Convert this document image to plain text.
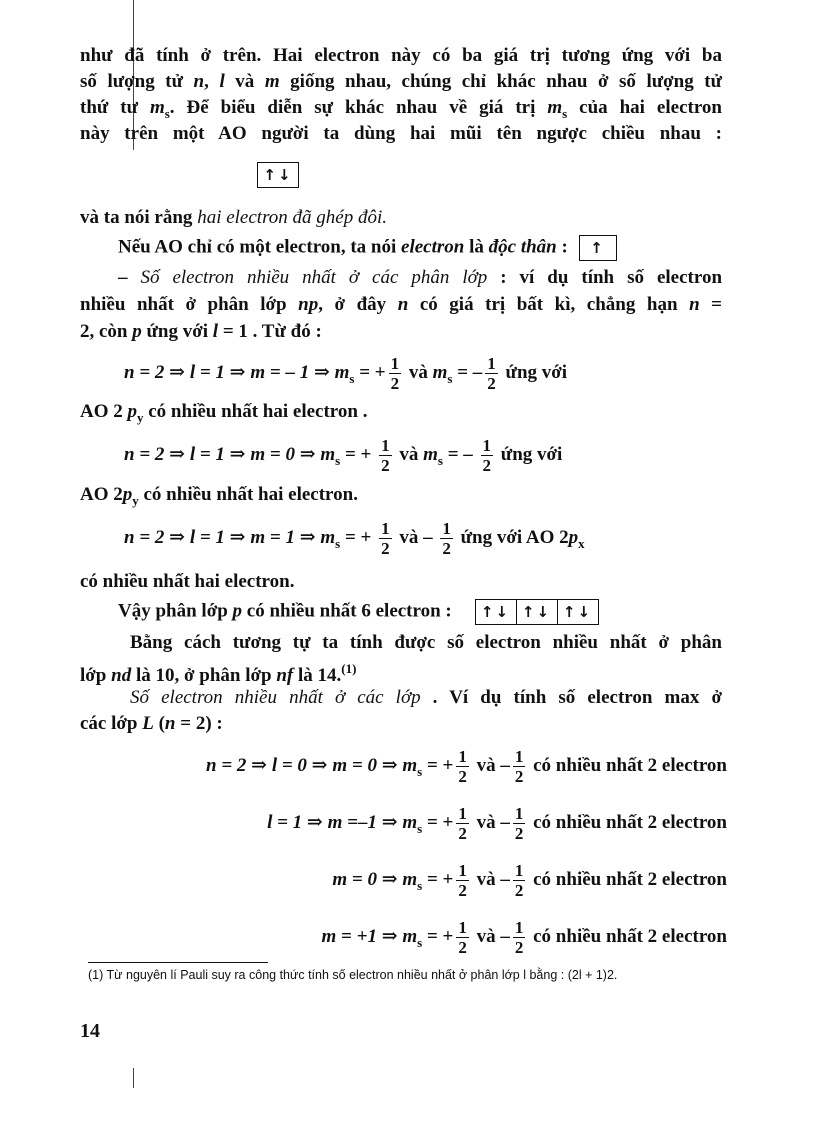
như đã tính ở trên. Hai electron này có ba giá trị tương ứng với ba
số lượng tử n, l và m giống nhau, chúng chỉ khác nhau ở số lượng tử
thứ tư $m_s$. Để biểu diễn sự khác nhau về giá trị $m_s$ của hai electron
này trên một AO người ta dùng hai mũi tên ngược chiều nhau :
↑↓
và ta nói rằng hai electron đã ghép đôi.
Nếu AO chỉ có một electron, ta nói electron là độc thân :	↑
– Số electron nhiều nhất ở các phân lớp : ví dụ tính số electron
nhiều nhất ở phân lớp np, ở đây n có giá trị bất kì, chẳng hạn n =
2, còn p ứng với l = 1 . Từ đó :
n = 2 ⇒ l = 1 ⇒ m = – 1 ⇒ $m_s$ = + $\frac{1}{2}$ và $m_s$ = – $\frac{1}{2}$ ứng với
AO 2 $p_y$ có nhiều nhất hai electron .
n = 2 ⇒ l = 1 ⇒ m = 0 ⇒ $m_s$ = + $\frac{1}{2}$ và $m_s$ = – $\frac{1}{2}$ ứng với
AO $2p_y$ có nhiều nhất hai electron.
n = 2 ⇒ l = 1 ⇒ m = 1 ⇒ $m_s$ = + $\frac{1}{2}$ và – $\frac{1}{2}$ ứng với AO $2p_x$
có nhiều nhất hai electron.
Vậy phân lớp p có nhiều nhất 6 electron :	↑↓ ↑↓ ↑↓
Bằng cách tương tự ta tính được số electron nhiều nhất ở phân
lớp nd là 10, ở phân lớp nf là 14.$^{(1)}$
Số electron nhiều nhất ở các lớp . Ví dụ tính số electron max ở
các lớp L (n = 2) :
n = 2 ⇒ l = 0 ⇒ m = 0 ⇒ $m_s$ = + $\frac{1}{2}$ và – $\frac{1}{2}$ có nhiều nhất 2 electron
l = 1 ⇒ m =–1 ⇒ $m_s$ = + $\frac{1}{2}$ và – $\frac{1}{2}$ có nhiều nhất 2 electron
m = 0 ⇒ $m_s$ = + $\frac{1}{2}$ và – $\frac{1}{2}$ có nhiều nhất 2 electron
m = +1 ⇒ $m_s$ = + $\frac{1}{2}$ và – $\frac{1}{2}$ có nhiều nhất 2 electron
(1) Từ nguyên lí Pauli suy ra công thức tính số electron nhiều nhất ở phân lớp l bằng : (2l + 1)2.
14
